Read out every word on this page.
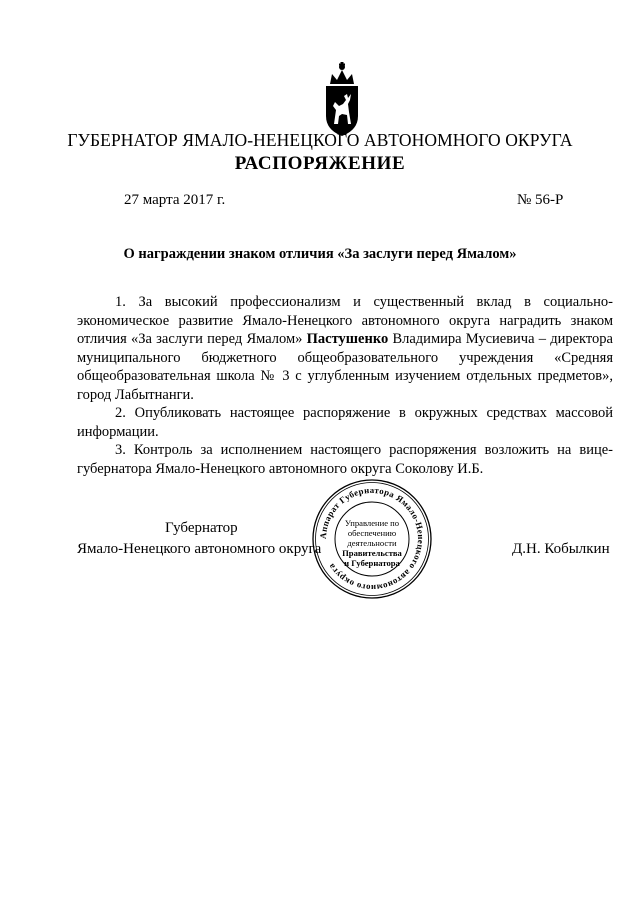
ГУБЕРНАТОР ЯМАЛО-НЕНЕЦКОГО АВТОНОМНОГО ОКРУГА
РАСПОРЯЖЕНИЕ
27 марта 2017 г.	№ 56-Р
О награждении знаком отличия «За заслуги перед Ямалом»

1. За высокий профессионализм и существенный вклад в социально-экономическое развитие Ямало-Ненецкого автономного округа наградить знаком отличия «За заслуги перед Ямалом» Пастушенко Владимира Мусиевича – директора муниципального бюджетного общеобразовательного учреждения «Средняя общеобразовательная школа № 3 с углубленным изучением отдельных предметов», город Лабытнанги.

2. Опубликовать настоящее распоряжение в окружных средствах массовой информации.

3. Контроль за исполнением настоящего распоряжения возложить на вице-губернатора Ямало-Ненецкого автономного округа Соколову И.Б.

Губернатор
Ямало-Ненецкого автономного округа	Д.Н. Кобылкин
Аппарат Губернатора Ямало-Ненецкого автономного округа
Управление по
обеспечению
деятельности
Правительства
и Губернатора
